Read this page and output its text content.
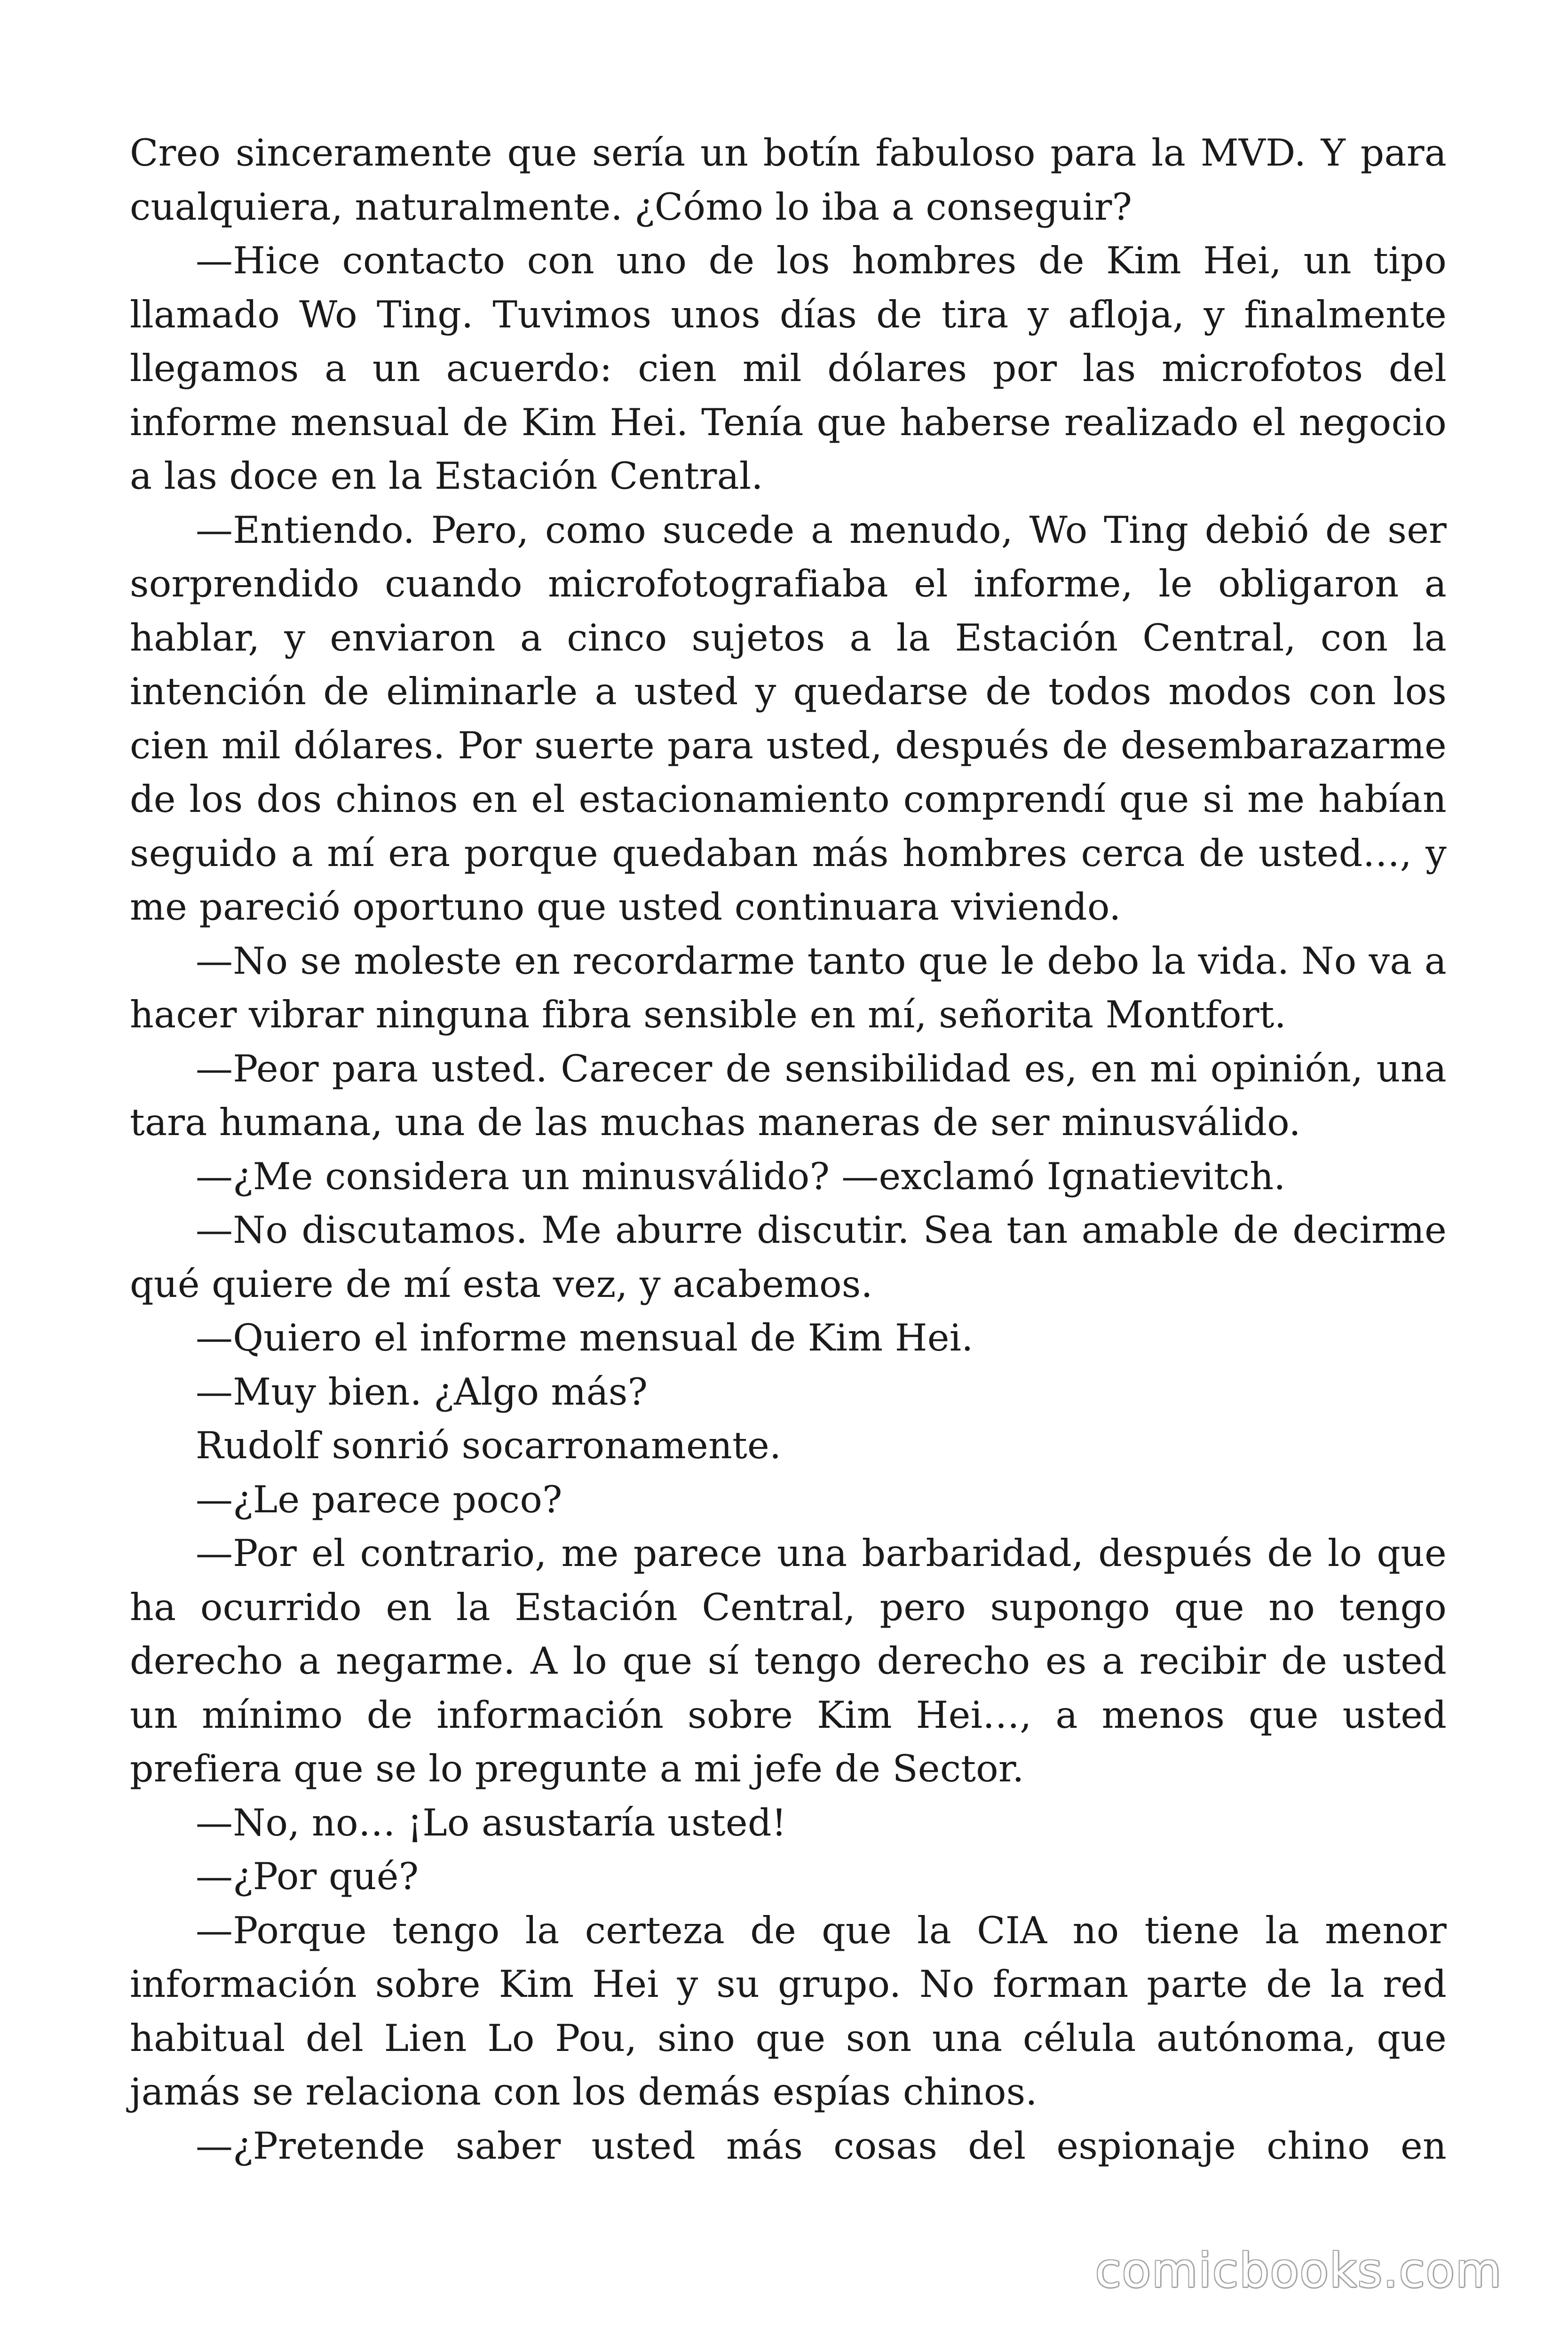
Creo sinceramente que sería un botín fabuloso para la MVD. Y para cualquiera, naturalmente. ¿Cómo lo iba a conseguir?

—Hice contacto con uno de los hombres de Kim Hei, un tipo llamado Wo Ting. Tuvimos unos días de tira y afloja, y finalmente llegamos a un acuerdo: cien mil dólares por las microfotos del informe mensual de Kim Hei. Tenía que haberse realizado el negocio a las doce en la Estación Central.

—Entiendo. Pero, como sucede a menudo, Wo Ting debió de ser sorprendido cuando microfotografiaba el informe, le obligaron a hablar, y enviaron a cinco sujetos a la Estación Central, con la intención de eliminarle a usted y quedarse de todos modos con los cien mil dólares. Por suerte para usted, después de desembarazarme de los dos chinos en el estacionamiento comprendí que si me habían seguido a mí era porque quedaban más hombres cerca de usted…, y me pareció oportuno que usted continuara viviendo.

—No se moleste en recordarme tanto que le debo la vida. No va a hacer vibrar ninguna fibra sensible en mí, señorita Montfort.

—Peor para usted. Carecer de sensibilidad es, en mi opinión, una tara humana, una de las muchas maneras de ser minusválido.

—¿Me considera un minusválido? —exclamó Ignatievitch.

—No discutamos. Me aburre discutir. Sea tan amable de decirme qué quiere de mí esta vez, y acabemos.

—Quiero el informe mensual de Kim Hei.

—Muy bien. ¿Algo más?

Rudolf sonrió socarronamente.

—¿Le parece poco?

—Por el contrario, me parece una barbaridad, después de lo que ha ocurrido en la Estación Central, pero supongo que no tengo derecho a negarme. A lo que sí tengo derecho es a recibir de usted un mínimo de información sobre Kim Hei…, a menos que usted prefiera que se lo pregunte a mi jefe de Sector.

—No, no… ¡Lo asustaría usted!

—¿Por qué?

—Porque tengo la certeza de que la CIA no tiene la menor información sobre Kim Hei y su grupo. No forman parte de la red habitual del Lien Lo Pou, sino que son una célula autónoma, que jamás se relaciona con los demás espías chinos.

—¿Pretende saber usted más cosas del espionaje chino en

comicbooks.com
